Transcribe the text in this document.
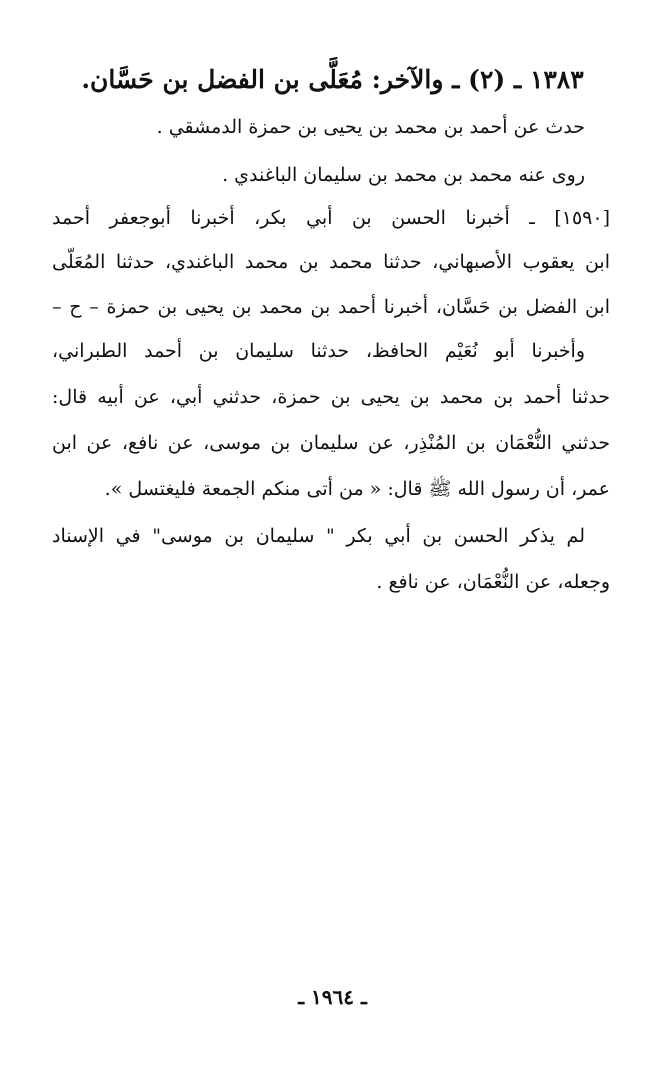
١٣٨٣ ـ (٢) ـ والآخر: مُعَلَّى بن الفضل بن حَسَّان.
حدث عن أحمد بن محمد بن يحيى بن حمزة الدمشقي .
روى عنه محمد بن محمد بن سليمان الباغندي .
[١٥٩٠] ـ أخبرنا الحسن بن أبي بكر، أخبرنا أبوجعفر أحمد
ابن يعقوب الأصبهاني، حدثنا محمد بن محمد الباغندي، حدثنا المُعَلَّى
ابن الفضل بن حَسَّان، أخبرنا أحمد بن محمد بن يحيى بن حمزة – ح –
وأخبرنا أبو نُعَيْم الحافظ، حدثنا سليمان بن أحمد الطبراني،
حدثنا أحمد بن محمد بن يحيى بن حمزة، حدثني أبي، عن أبيه قال:
حدثني النُّعْمَان بن المُنْذِر، عن سليمان بن موسى، عن نافع، عن ابن
عمر، أن رسول الله ﷺ قال: « من أتى منكم الجمعة فليغتسل ».
لم يذكر الحسن بن أبي بكر " سليمان بن موسى" في الإسناد
وجعله، عن النُّعْمَان، عن نافع .
ـ ١٩٦٤ ـ
